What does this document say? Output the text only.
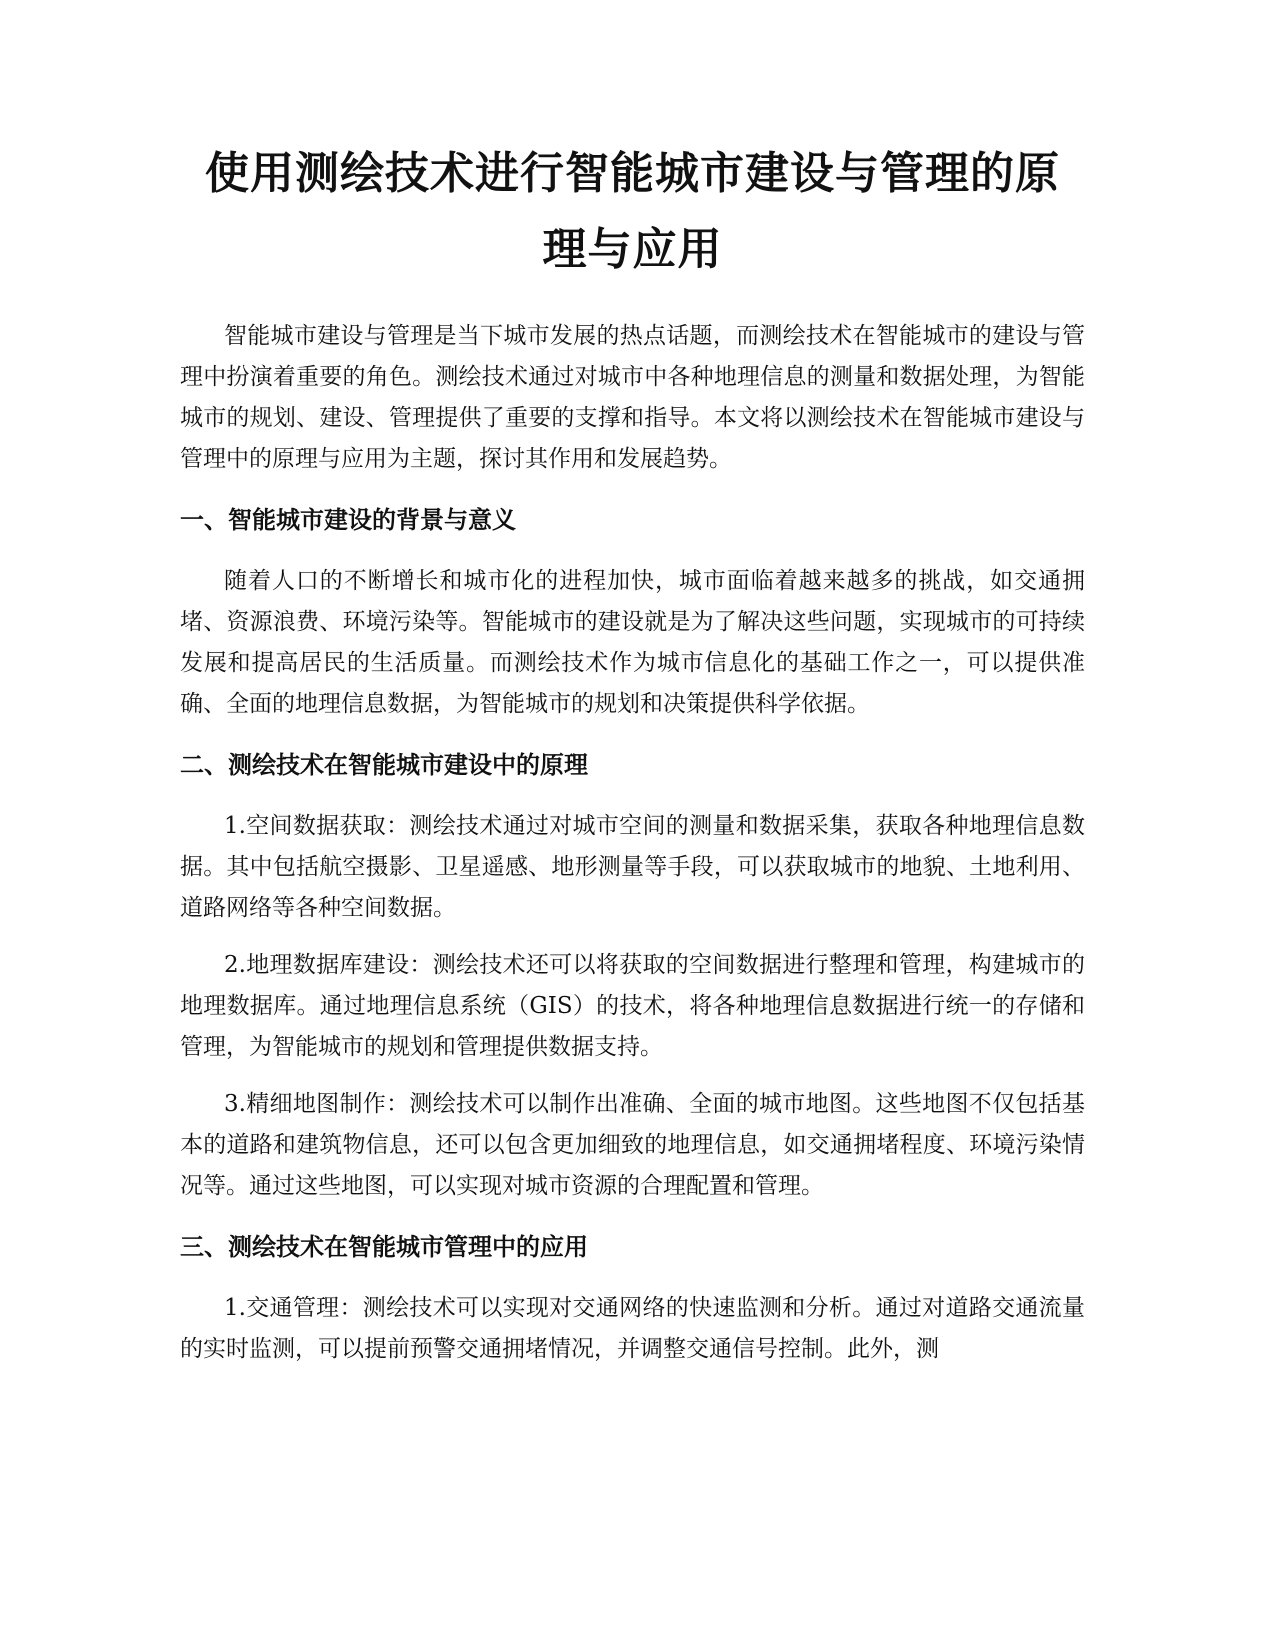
使用测绘技术进行智能城市建设与管理的原
理与应用

智能城市建设与管理是当下城市发展的热点话题，而测绘技术在智能城市的建设与管理中扮演着重要的角色。测绘技术通过对城市中各种地理信息的测量和数据处理，为智能城市的规划、建设、管理提供了重要的支撑和指导。本文将以测绘技术在智能城市建设与管理中的原理与应用为主题，探讨其作用和发展趋势。

一、智能城市建设的背景与意义

随着人口的不断增长和城市化的进程加快，城市面临着越来越多的挑战，如交通拥堵、资源浪费、环境污染等。智能城市的建设就是为了解决这些问题，实现城市的可持续发展和提高居民的生活质量。而测绘技术作为城市信息化的基础工作之一，可以提供准确、全面的地理信息数据，为智能城市的规划和决策提供科学依据。

二、测绘技术在智能城市建设中的原理

1.空间数据获取：测绘技术通过对城市空间的测量和数据采集，获取各种地理信息数据。其中包括航空摄影、卫星遥感、地形测量等手段，可以获取城市的地貌、土地利用、道路网络等各种空间数据。

2.地理数据库建设：测绘技术还可以将获取的空间数据进行整理和管理，构建城市的地理数据库。通过地理信息系统（GIS）的技术，将各种地理信息数据进行统一的存储和管理，为智能城市的规划和管理提供数据支持。

3.精细地图制作：测绘技术可以制作出准确、全面的城市地图。这些地图不仅包括基本的道路和建筑物信息，还可以包含更加细致的地理信息，如交通拥堵程度、环境污染情况等。通过这些地图，可以实现对城市资源的合理配置和管理。

三、测绘技术在智能城市管理中的应用

1.交通管理：测绘技术可以实现对交通网络的快速监测和分析。通过对道路交通流量的实时监测，可以提前预警交通拥堵情况，并调整交通信号控制。此外，测
